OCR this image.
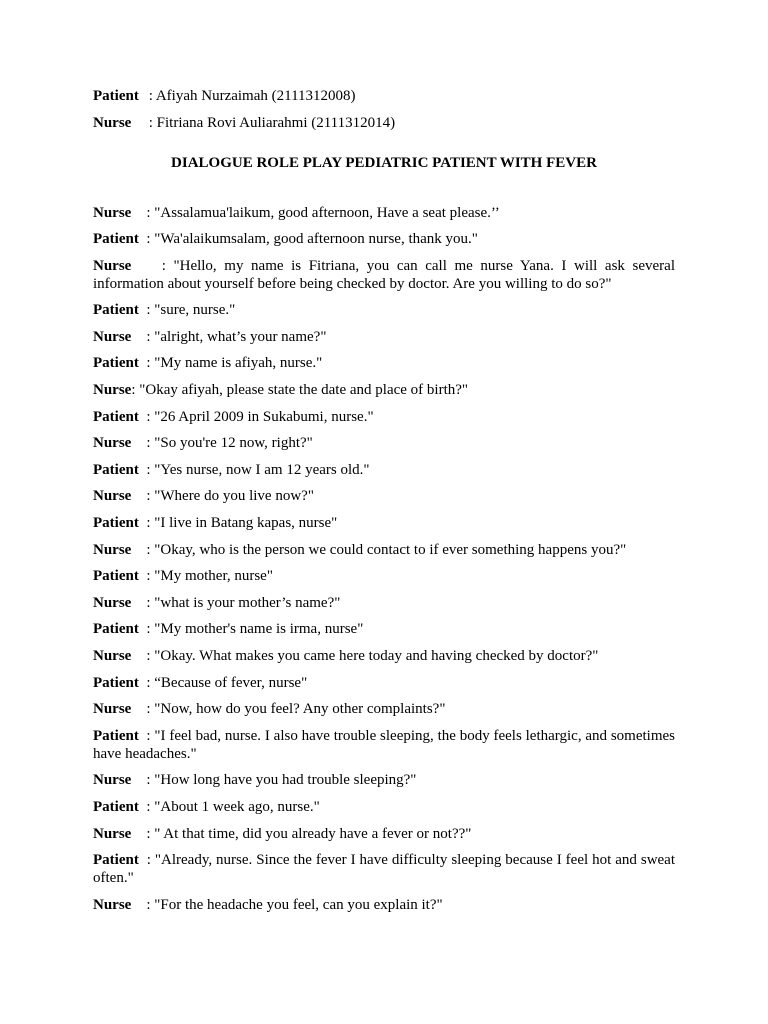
Patient : Afiyah Nurzaimah (2111312008)
Nurse : Fitriana Rovi Auliarahmi (2111312014)
DIALOGUE ROLE PLAY PEDIATRIC PATIENT WITH FEVER
Nurse    : "Assalamua'laikum, good afternoon, Have a seat please.’’
Patient  : "Wa'alaikumsalam, good afternoon nurse, thank you."
Nurse    : "Hello, my name is Fitriana, you can call me nurse Yana. I will ask several information about yourself before being checked by doctor. Are you willing to do so?"
Patient  : "sure, nurse."
Nurse    : "alright, what’s your name?"
Patient  : "My name is afiyah, nurse."
Nurse: "Okay afiyah, please state the date and place of birth?"
Patient  : "26 April 2009 in Sukabumi, nurse."
Nurse    : "So you're 12 now, right?"
Patient  : "Yes nurse, now I am 12 years old."
Nurse    : "Where do you live now?"
Patient  : "I live in Batang kapas, nurse"
Nurse    : "Okay, who is the person we could contact to if ever something happens you?"
Patient  : "My mother, nurse"
Nurse    : "what is your mother’s name?"
Patient  : "My mother's name is irma, nurse"
Nurse    : "Okay. What makes you came here today and having checked by doctor?"
Patient  : “Because of fever, nurse"
Nurse    : "Now, how do you feel? Any other complaints?"
Patient  : "I feel bad, nurse. I also have trouble sleeping, the body feels lethargic, and sometimes have headaches."
Nurse    : "How long have you had trouble sleeping?"
Patient  : "About 1 week ago, nurse."
Nurse    : " At that time, did you already have a fever or not??"
Patient  : "Already, nurse. Since the fever I have difficulty sleeping because I feel hot and sweat often."
Nurse    : "For the headache you feel, can you explain it?"
